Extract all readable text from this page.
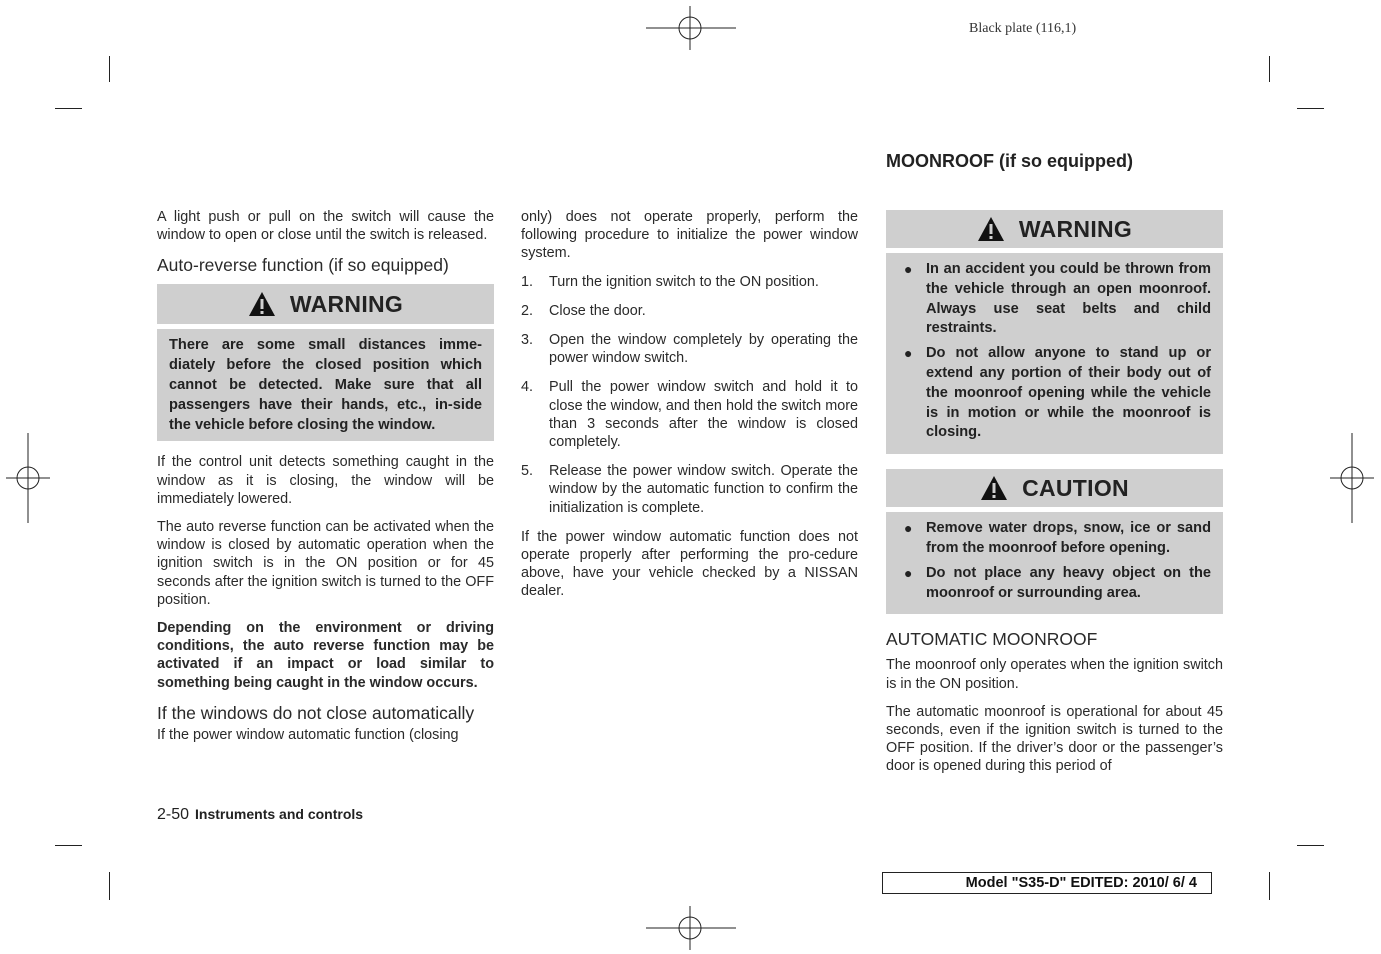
Black plate (116,1)

A light push or pull on the switch will cause the window to open or close until the switch is released.

Auto-reverse function (if so equipped)
WARNING
There are some small distances imme-diately before the closed position which cannot be detected. Make sure that all passengers have their hands, etc., in-side the vehicle before closing the window.

If the control unit detects something caught in the window as it is closing, the window will be immediately lowered.

The auto reverse function can be activated when the window is closed by automatic operation when the ignition switch is in the ON position or for 45 seconds after the ignition switch is turned to the OFF position.

Depending on the environment or driving conditions, the auto reverse function may be activated if an impact or load similar to something being caught in the window occurs.

If the windows do not close automatically

If the power window automatic function (closing

only) does not operate properly, perform the following procedure to initialize the power window system.

1. Turn the ignition switch to the ON position.
2. Close the door.
3. Open the window completely by operating the power window switch.
4. Pull the power window switch and hold it to close the window, and then hold the switch more than 3 seconds after the window is closed completely.
5. Release the power window switch. Operate the window by the automatic function to confirm the initialization is complete.

If the power window automatic function does not operate properly after performing the pro-cedure above, have your vehicle checked by a NISSAN dealer.

MOONROOF (if so equipped)
WARNING
● In an accident you could be thrown from the vehicle through an open moonroof. Always use seat belts and child restraints.
● Do not allow anyone to stand up or extend any portion of their body out of the moonroof opening while the vehicle is in motion or while the moonroof is closing.
CAUTION
● Remove water drops, snow, ice or sand from the moonroof before opening.
● Do not place any heavy object on the moonroof or surrounding area.
AUTOMATIC MOONROOF

The moonroof only operates when the ignition switch is in the ON position.

The automatic moonroof is operational for about 45 seconds, even if the ignition switch is turned to the OFF position. If the driver’s door or the passenger’s door is opened during this period of

2-50 Instruments and controls
Model "S35-D" EDITED: 2010/ 6/ 4
